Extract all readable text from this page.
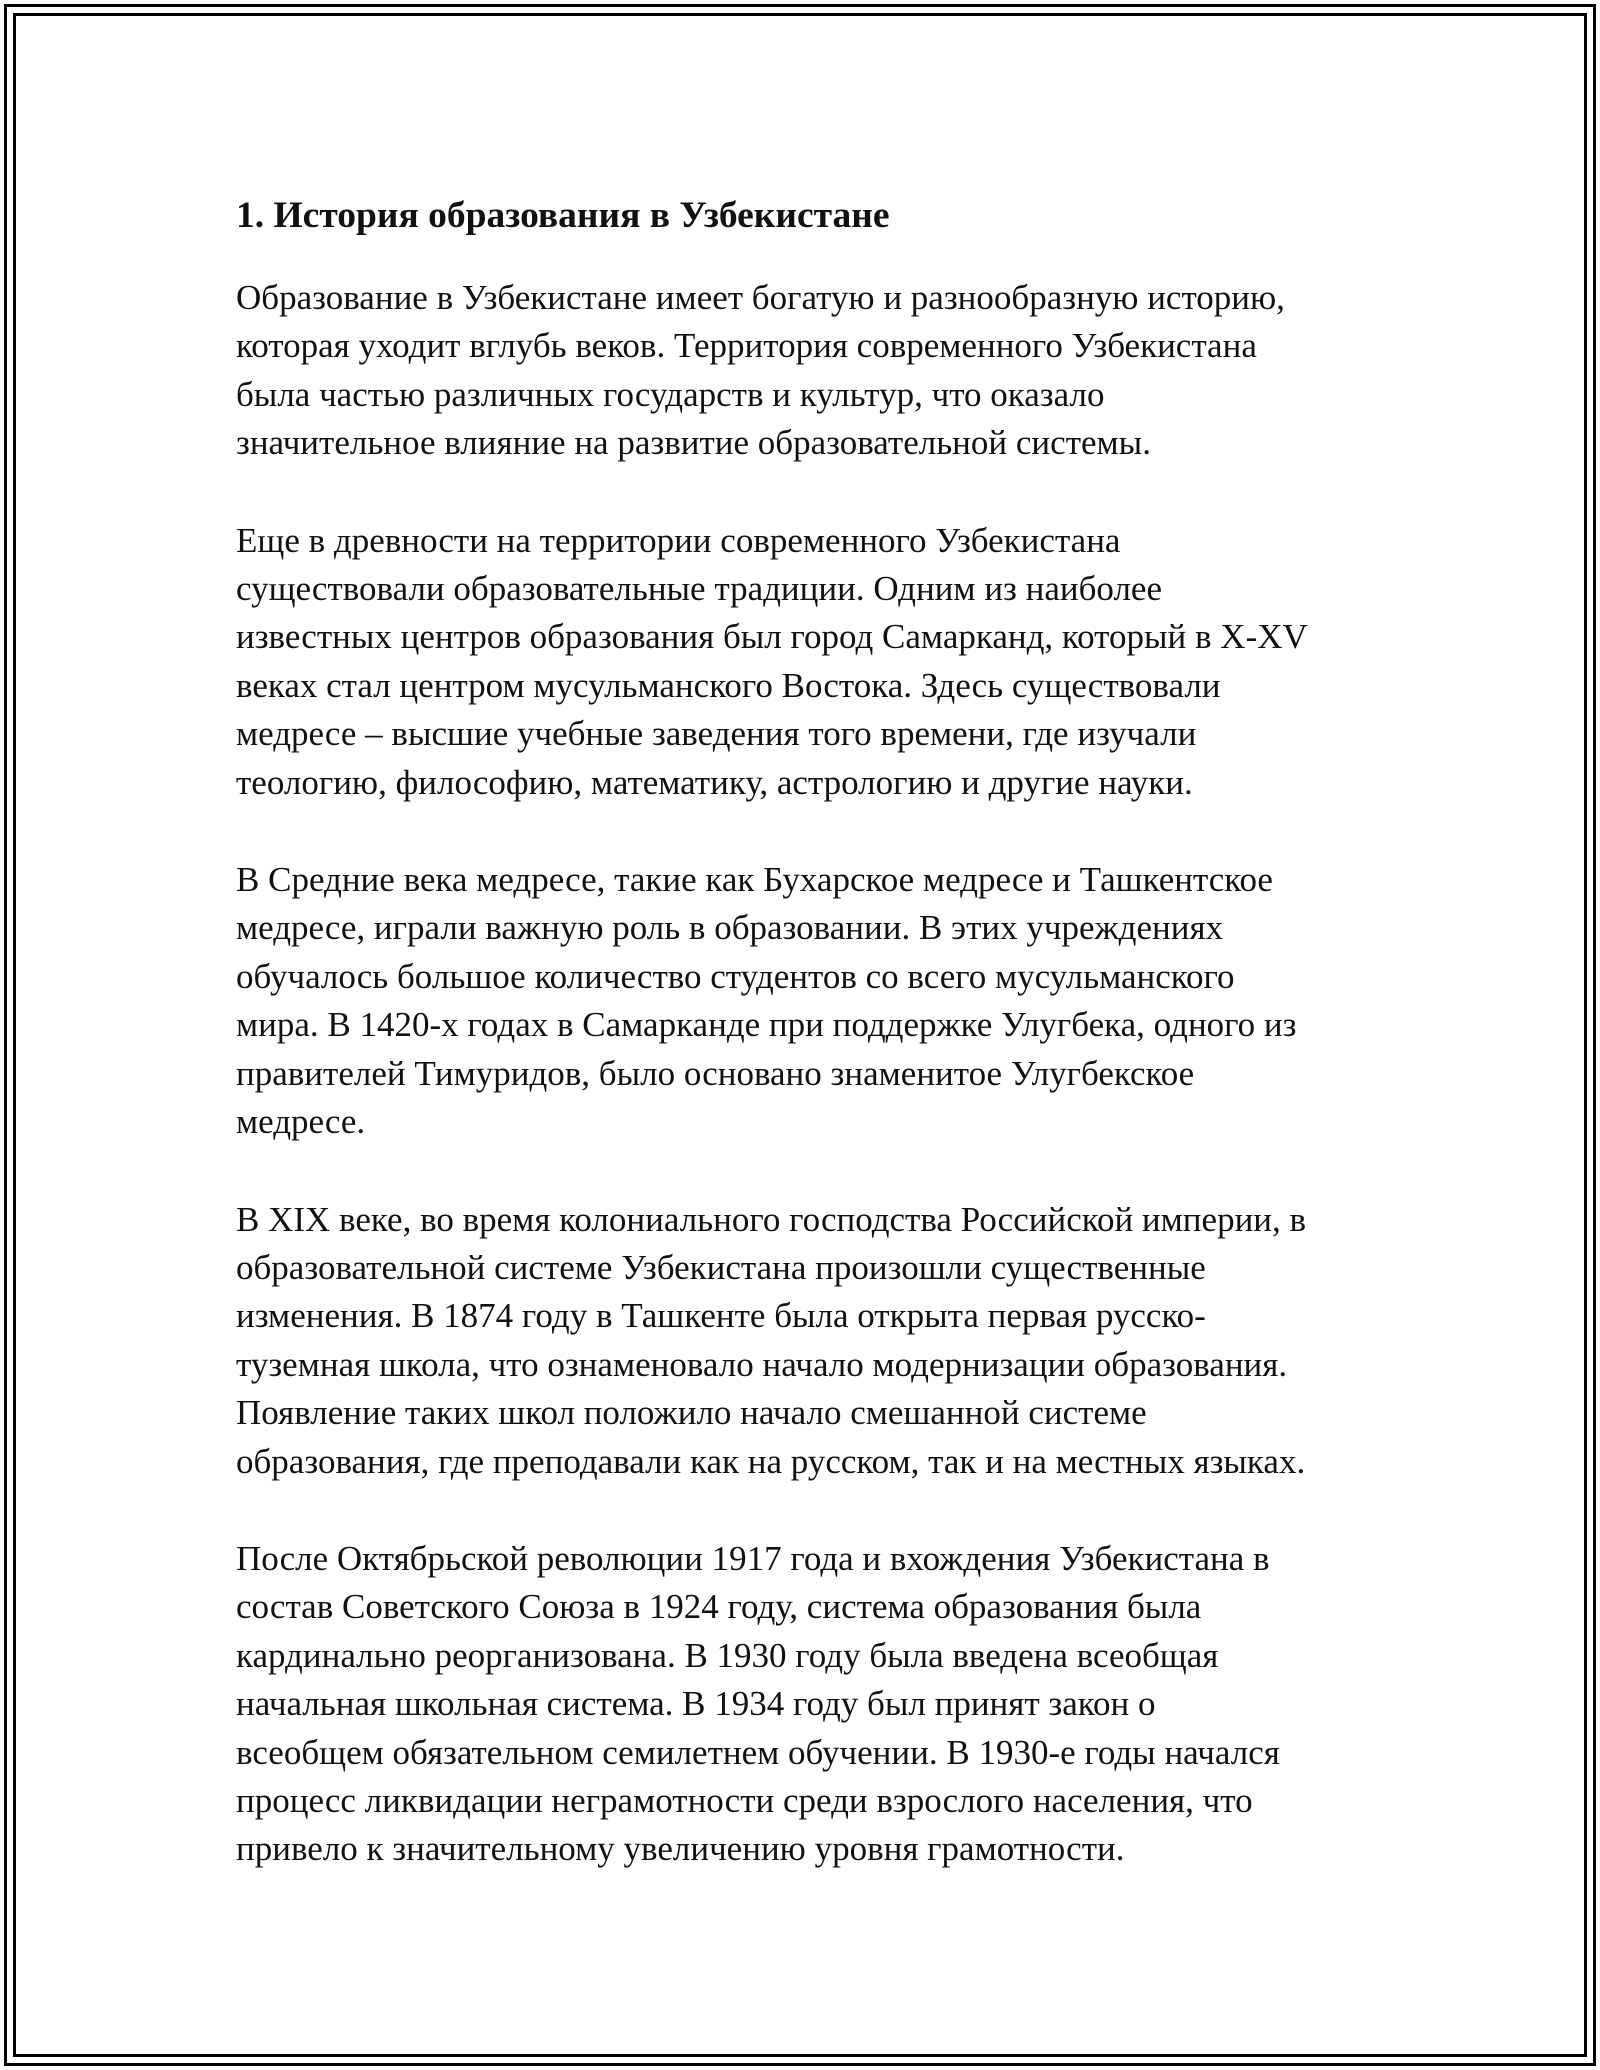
1. История образования в Узбекистане

Образование в Узбекистане имеет богатую и разнообразную историю,
которая уходит вглубь веков. Территория современного Узбекистана
была частью различных государств и культур, что оказало
значительное влияние на развитие образовательной системы.

Еще в древности на территории современного Узбекистана
существовали образовательные традиции. Одним из наиболее
известных центров образования был город Самарканд, который в X-XV
веках стал центром мусульманского Востока. Здесь существовали
медресе – высшие учебные заведения того времени, где изучали
теологию, философию, математику, астрологию и другие науки.

В Средние века медресе, такие как Бухарское медресе и Ташкентское
медресе, играли важную роль в образовании. В этих учреждениях
обучалось большое количество студентов со всего мусульманского
мира. В 1420-х годах в Самарканде при поддержке Улугбека, одного из
правителей Тимуридов, было основано знаменитое Улугбекское
медресе.

В XIX веке, во время колониального господства Российской империи, в
образовательной системе Узбекистана произошли существенные
изменения. В 1874 году в Ташкенте была открыта первая русско-
туземная школа, что ознаменовало начало модернизации образования.
Появление таких школ положило начало смешанной системе
образования, где преподавали как на русском, так и на местных языках.

После Октябрьской революции 1917 года и вхождения Узбекистана в
состав Советского Союза в 1924 году, система образования была
кардинально реорганизована. В 1930 году была введена всеобщая
начальная школьная система. В 1934 году был принят закон о
всеобщем обязательном семилетнем обучении. В 1930-е годы начался
процесс ликвидации неграмотности среди взрослого населения, что
привело к значительному увеличению уровня грамотности.
